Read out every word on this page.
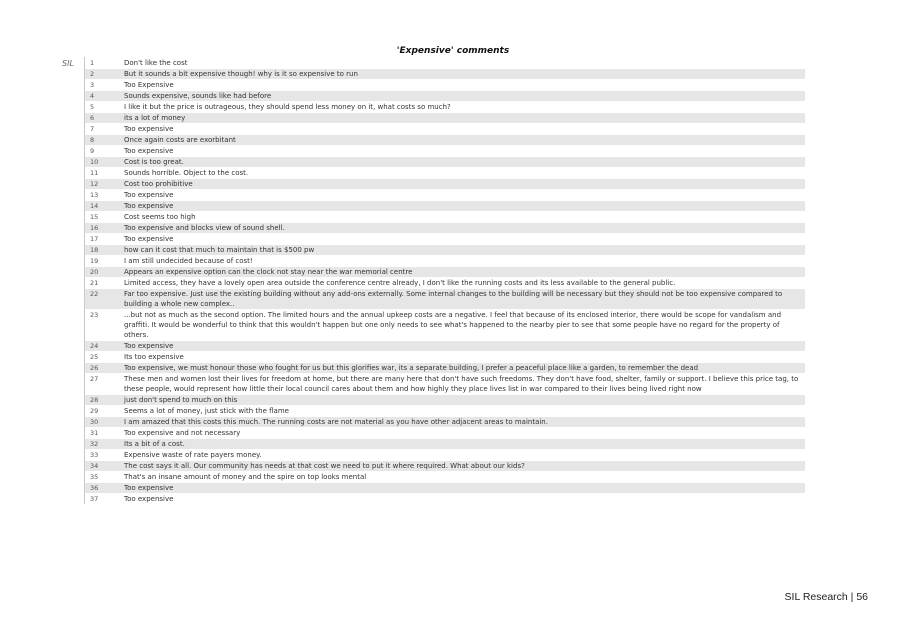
'Expensive' comments
SIL	1	Don't like the cost
2	But it sounds a bit expensive though! why is it so expensive to run
3	Too Expensive
4	Sounds expensive, sounds like had before
5	I like it but the price is outrageous, they should spend less money on it, what costs so much?
6	its a lot of money
7	Too expensive
8	Once again costs are exorbitant
9	Too expensive
10	Cost is too great.
11	Sounds horrible. Object to the cost.
12	Cost too prohibitive
13	Too expensive
14	Too expensive
15	Cost seems too high
16	Too expensive and blocks view of sound shell.
17	Too expensive
18	how can it cost that much to maintain that is $500 pw
19	I am still undecided because of cost!
20	Appears an expensive option can the clock not stay near the war memorial centre
21	Limited access, they have a lovely open area outside the conference centre already, I don't like the running costs and its less available to the general public.
22	Far too expensive. Just use the existing building without any add-ons externally. Some internal changes to the building will be necessary but they should not be too expensive compared to building a whole new complex..
23	...but not as much as the second option. The limited hours and the annual upkeep costs are a negative. I feel that because of its enclosed interior, there would be scope for vandalism and graffiti. It would be wonderful to think that this wouldn't happen but one only needs to see what's happened to the nearby pier to see that some people have no regard for the property of others.
24	Too expensive
25	Its too expensive
26	Too expensive, we must honour those who fought for us but this glorifies war, its a separate building, I prefer a peaceful place like a garden, to remember the dead
27	These men and women lost their lives for freedom at home, but there are many here that don't have such freedoms. They don't have food, shelter, family or support. I believe this price tag, to these people, would represent how little their local council cares about them and how highly they place lives list in war compared to their lives being lived right now
28	just don't spend to much on this
29	Seems a lot of money, just stick with the flame
30	I am amazed that this costs this much. The running costs are not material as you have other adjacent areas to maintain.
31	Too expensive and not necessary
32	Its a bit of a cost.
33	Expensive waste of rate payers money.
34	The cost says it all. Our community has needs at that cost we need to put it where required. What about our kids?
35	That's an insane amount of money and the spire on top looks mental
36	Too expensive
37	Too expensive
SIL Research | 56
